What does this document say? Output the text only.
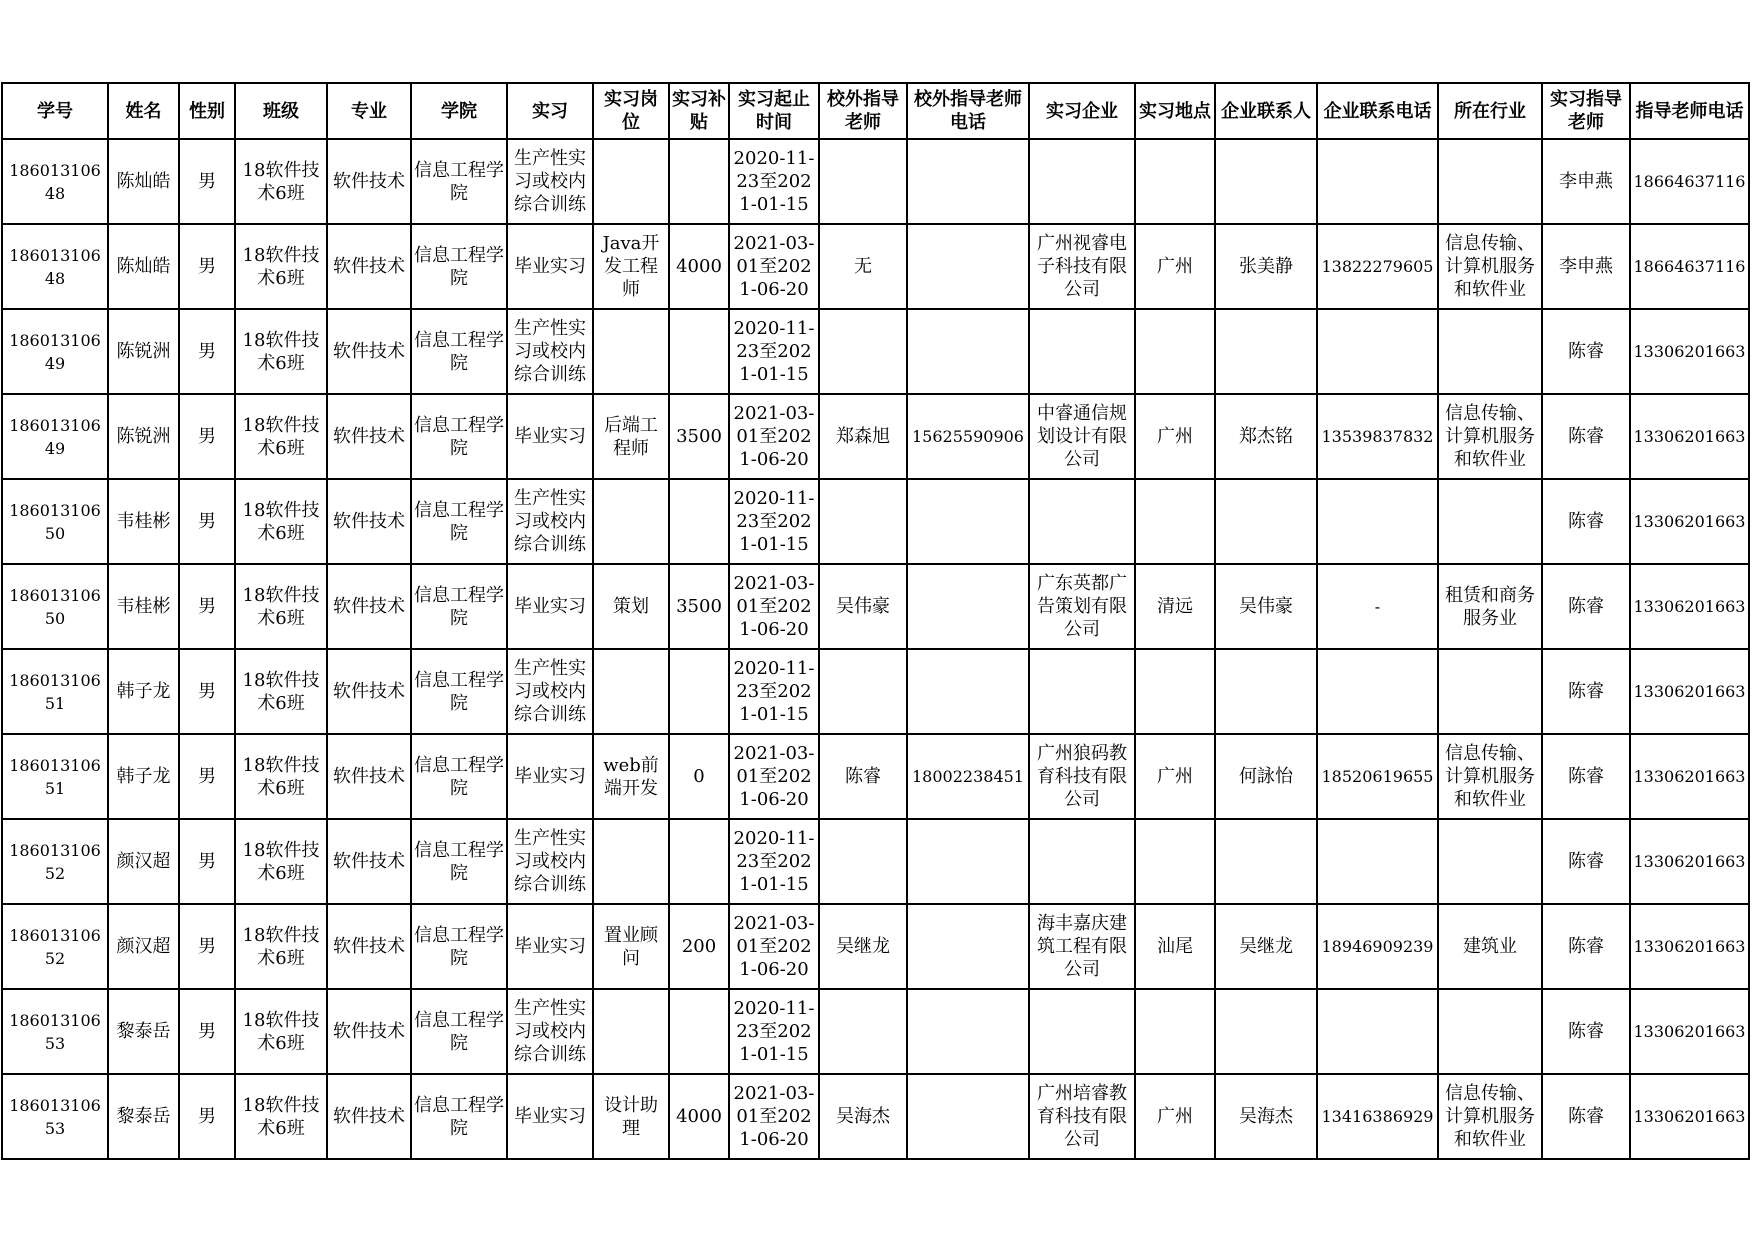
学号	姓名	性别	班级	专业	学院	实习	实习岗位	实习补贴	实习起止时间	校外指导老师	校外指导老师电话	实习企业	实习地点	企业联系人	企业联系电话	所在行业	实习指导老师	指导老师电话

18601310648	陈灿皓	男	18软件技术6班	软件技术	信息工程学院	生产性实习或校内综合训练			2020-11-23至2021-01-15								李申燕	18664637116

18601310648	陈灿皓	男	18软件技术6班	软件技术	信息工程学院	毕业实习	Java开发工程师	4000	2021-03-01至2021-06-20	无		广州视睿电子科技有限公司	广州	张美静	13822279605	信息传输、计算机服务和软件业	李申燕	18664637116

18601310649	陈锐洲	男	18软件技术6班	软件技术	信息工程学院	生产性实习或校内综合训练			2020-11-23至2021-01-15								陈睿	13306201663

18601310649	陈锐洲	男	18软件技术6班	软件技术	信息工程学院	毕业实习	后端工程师	3500	2021-03-01至2021-06-20	郑森旭	15625590906	中睿通信规划设计有限公司	广州	郑杰铭	13539837832	信息传输、计算机服务和软件业	陈睿	13306201663

18601310650	韦桂彬	男	18软件技术6班	软件技术	信息工程学院	生产性实习或校内综合训练			2020-11-23至2021-01-15								陈睿	13306201663

18601310650	韦桂彬	男	18软件技术6班	软件技术	信息工程学院	毕业实习	策划	3500	2021-03-01至2021-06-20	吴伟豪		广东英都广告策划有限公司	清远	吴伟豪	-	租赁和商务服务业	陈睿	13306201663

18601310651	韩子龙	男	18软件技术6班	软件技术	信息工程学院	生产性实习或校内综合训练			2020-11-23至2021-01-15								陈睿	13306201663

18601310651	韩子龙	男	18软件技术6班	软件技术	信息工程学院	毕业实习	web前端开发	0	2021-03-01至2021-06-20	陈睿	18002238451	广州狼码教育科技有限公司	广州	何詠怡	18520619655	信息传输、计算机服务和软件业	陈睿	13306201663

18601310652	颜汉超	男	18软件技术6班	软件技术	信息工程学院	生产性实习或校内综合训练			2020-11-23至2021-01-15								陈睿	13306201663

18601310652	颜汉超	男	18软件技术6班	软件技术	信息工程学院	毕业实习	置业顾问	200	2021-03-01至2021-06-20	吴继龙		海丰嘉庆建筑工程有限公司	汕尾	吴继龙	18946909239	建筑业	陈睿	13306201663

18601310653	黎泰岳	男	18软件技术6班	软件技术	信息工程学院	生产性实习或校内综合训练			2020-11-23至2021-01-15								陈睿	13306201663

18601310653	黎泰岳	男	18软件技术6班	软件技术	信息工程学院	毕业实习	设计助理	4000	2021-03-01至2021-06-20	吴海杰		广州培睿教育科技有限公司	广州	吴海杰	13416386929	信息传输、计算机服务和软件业	陈睿	13306201663
